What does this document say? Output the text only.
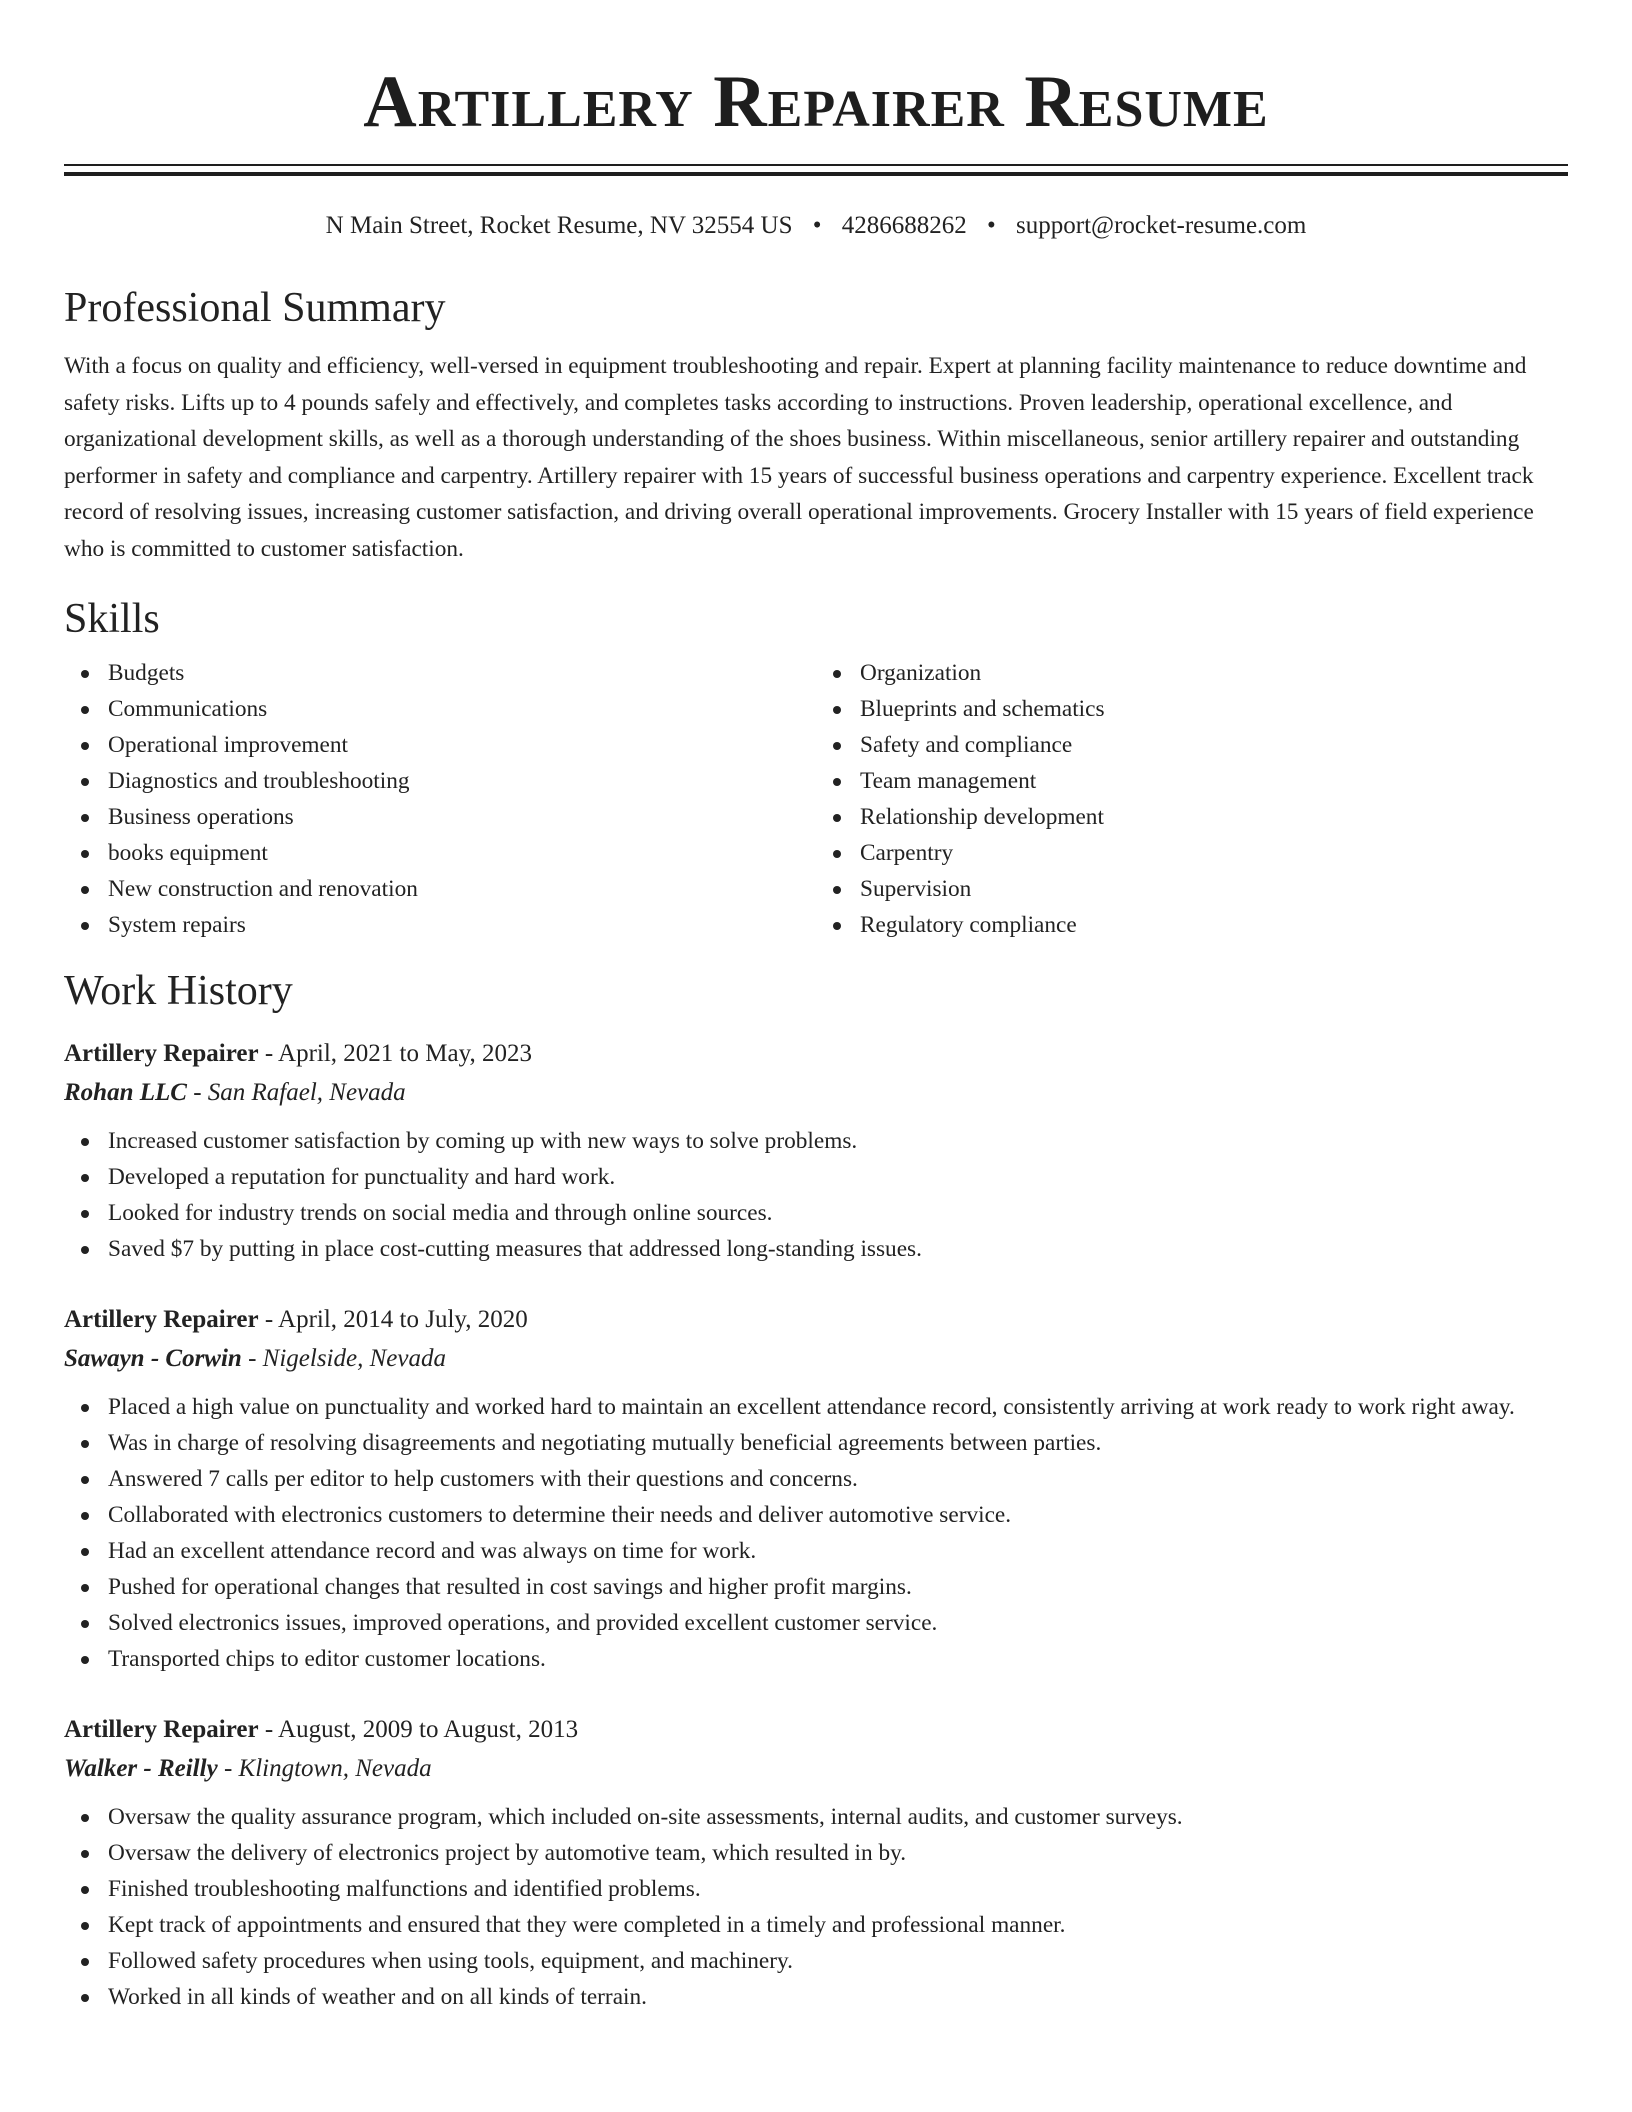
Artillery Repairer Resume
N Main Street, Rocket Resume, NV 32554 US • 4286688262 • support@rocket-resume.com
Professional Summary
With a focus on quality and efficiency, well-versed in equipment troubleshooting and repair. Expert at planning facility maintenance to reduce downtime and safety risks. Lifts up to 4 pounds safely and effectively, and completes tasks according to instructions. Proven leadership, operational excellence, and organizational development skills, as well as a thorough understanding of the shoes business. Within miscellaneous, senior artillery repairer and outstanding performer in safety and compliance and carpentry. Artillery repairer with 15 years of successful business operations and carpentry experience. Excellent track record of resolving issues, increasing customer satisfaction, and driving overall operational improvements. Grocery Installer with 15 years of field experience who is committed to customer satisfaction.
Skills
Budgets
Communications
Operational improvement
Diagnostics and troubleshooting
Business operations
books equipment
New construction and renovation
System repairs
Organization
Blueprints and schematics
Safety and compliance
Team management
Relationship development
Carpentry
Supervision
Regulatory compliance
Work History
Artillery Repairer - April, 2021 to May, 2023
Rohan LLC - San Rafael, Nevada
Increased customer satisfaction by coming up with new ways to solve problems.
Developed a reputation for punctuality and hard work.
Looked for industry trends on social media and through online sources.
Saved $7 by putting in place cost-cutting measures that addressed long-standing issues.
Artillery Repairer - April, 2014 to July, 2020
Sawayn - Corwin - Nigelside, Nevada
Placed a high value on punctuality and worked hard to maintain an excellent attendance record, consistently arriving at work ready to work right away.
Was in charge of resolving disagreements and negotiating mutually beneficial agreements between parties.
Answered 7 calls per editor to help customers with their questions and concerns.
Collaborated with electronics customers to determine their needs and deliver automotive service.
Had an excellent attendance record and was always on time for work.
Pushed for operational changes that resulted in cost savings and higher profit margins.
Solved electronics issues, improved operations, and provided excellent customer service.
Transported chips to editor customer locations.
Artillery Repairer - August, 2009 to August, 2013
Walker - Reilly - Klingtown, Nevada
Oversaw the quality assurance program, which included on-site assessments, internal audits, and customer surveys.
Oversaw the delivery of electronics project by automotive team, which resulted in by.
Finished troubleshooting malfunctions and identified problems.
Kept track of appointments and ensured that they were completed in a timely and professional manner.
Followed safety procedures when using tools, equipment, and machinery.
Worked in all kinds of weather and on all kinds of terrain.
